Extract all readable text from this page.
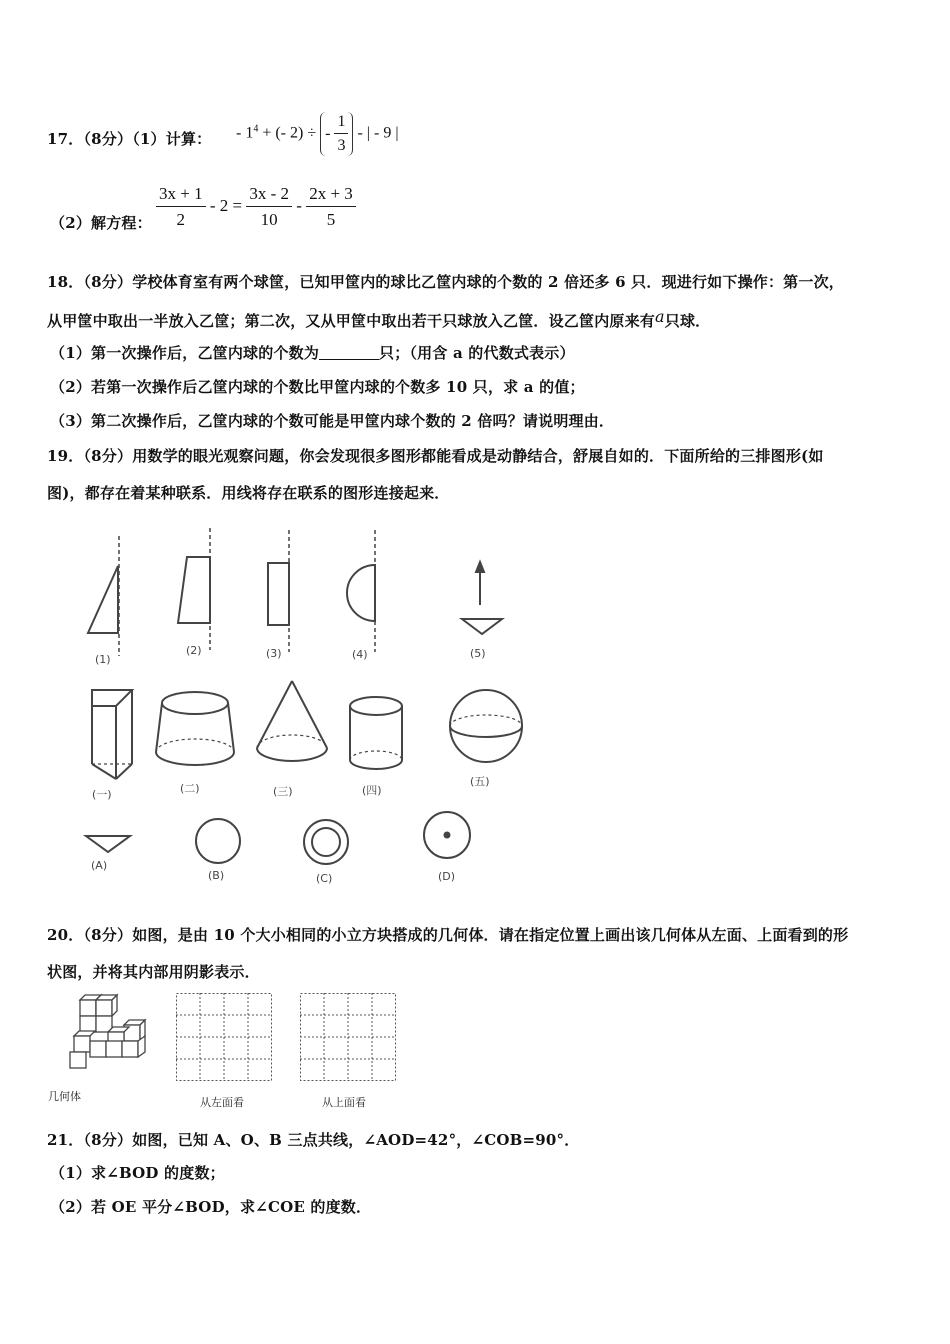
17．（8分）（1）计算： - $1^4$ + (- 2) ÷ - $\frac{1}{3}$ - | - 9 |
（2）解方程： $\frac{3x + 1}{2} - 2 = \frac{3x - 2}{10} - \frac{2x + 3}{5}$
18．（8分）学校体育室有两个球筐，已知甲筐内的球比乙筐内球的个数的 2 倍还多 6 只．现进行如下操作：第一次，
从甲筐中取出一半放入乙筐；第二次，又从甲筐中取出若干只球放入乙筐．设乙筐内原来有a只球．
（1）第一次操作后，乙筐内球的个数为	只；（用含 a 的代数式表示）
（2）若第一次操作后乙筐内球的个数比甲筐内球的个数多 10 只，求 a 的值；
（3）第二次操作后，乙筐内球的个数可能是甲筐内球个数的 2 倍吗？请说明理由．
19．（8分）用数学的眼光观察问题，你会发现很多图形都能看成是动静结合，舒展自如的．下面所给的三排图形(如
图)，都存在着某种联系．用线将存在联系的图形连接起来．
(1)
(2)	(3)	(4)	(5)
(一)	(二)	(三)	(四)
(五)
(A)
(B)	(C)	(D)
20．（8分）如图，是由 10 个大小相同的小立方块搭成的几何体．请在指定位置上画出该几何体从左面、上面看到的形
状图，并将其内部用阴影表示．
几何体	从左面看	从上面看
21．（8分）如图，已知 A、O、B 三点共线，∠AOD=42°，∠COB=90°．
（1）求∠BOD 的度数；
（2）若 OE 平分∠BOD，求∠COE 的度数．
